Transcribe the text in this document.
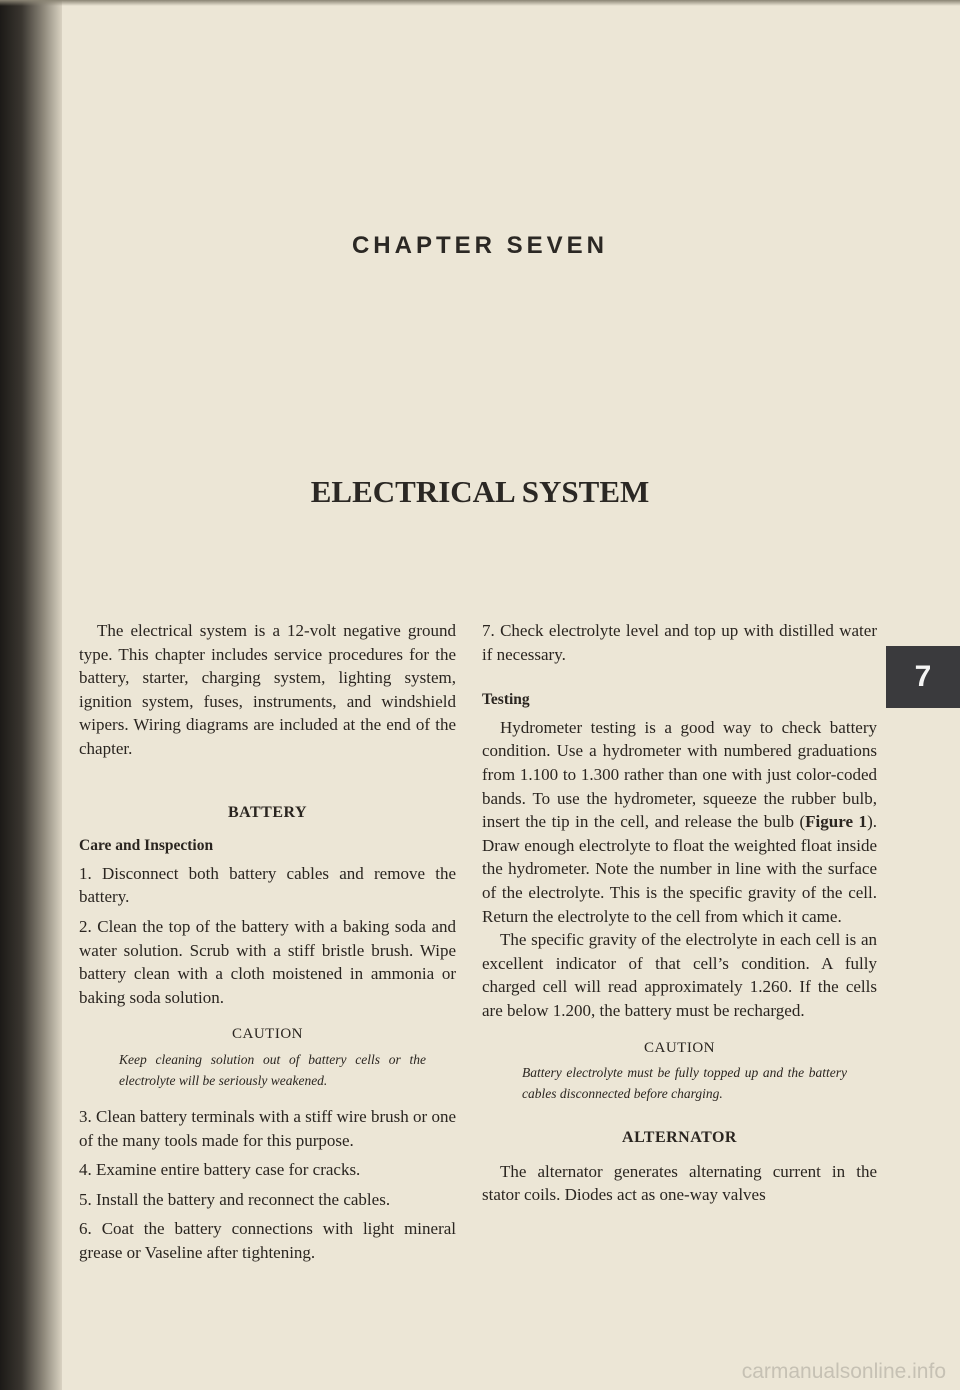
CHAPTER SEVEN
ELECTRICAL SYSTEM
7

The electrical system is a 12-volt negative ground type. This chapter includes service procedures for the battery, starter, charging system, lighting system, ignition system, fuses, instruments, and windshield wipers. Wiring diagrams are included at the end of the chapter.

BATTERY
Care and Inspection

1. Disconnect both battery cables and remove the battery.

2. Clean the top of the battery with a baking soda and water solution. Scrub with a stiff bristle brush. Wipe battery clean with a cloth moistened in ammonia or baking soda solution.

CAUTION

Keep cleaning solution out of battery cells or the electrolyte will be seriously weakened.

3. Clean battery terminals with a stiff wire brush or one of the many tools made for this purpose.

4. Examine entire battery case for cracks.

5. Install the battery and reconnect the cables.

6. Coat the battery connections with light mineral grease or Vaseline after tightening.

7. Check electrolyte level and top up with distilled water if necessary.

Testing

Hydrometer testing is a good way to check battery condition. Use a hydrometer with numbered graduations from 1.100 to 1.300 rather than one with just color-coded bands. To use the hydrometer, squeeze the rubber bulb, insert the tip in the cell, and release the bulb (Figure 1). Draw enough electrolyte to float the weighted float inside the hydrometer. Note the number in line with the surface of the electrolyte. This is the specific gravity of the cell. Return the electrolyte to the cell from which it came.

The specific gravity of the electrolyte in each cell is an excellent indicator of that cell’s condition. A fully charged cell will read approximately 1.260. If the cells are below 1.200, the battery must be recharged.

CAUTION

Battery electrolyte must be fully topped up and the battery cables disconnected before charging.

ALTERNATOR

The alternator generates alternating current in the stator coils. Diodes act as one-way valves

carmanualsonline.info
